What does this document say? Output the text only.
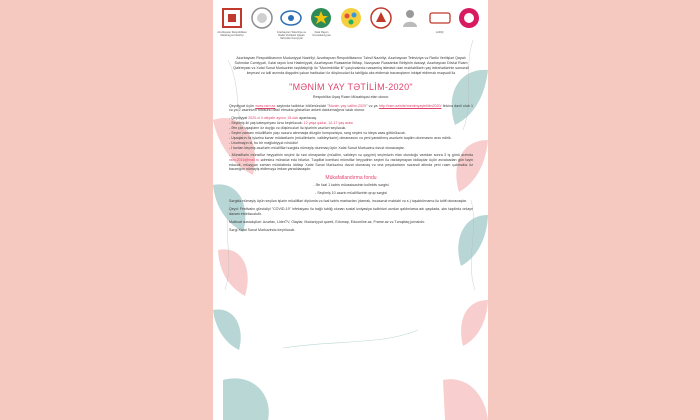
Azərbaycan Respublikası
Mədəniyyət Nazirliyi
Azərbaycan Televiziya və
Radio Verilişləri Qapalı
Səhmdar Cəmiyyəti
Xətai Rayon
İcra Hakimiyyəti
LADIQ

Azərbaycan Respublikasının Mədəniyyət Nazirliyi, Azərbaycan Respublikasının Təhsil Nazirliyi, Azərbaycan Televiziya və Radio Verilişləri Qapalı Səhmdar Cəmiyyəti, Xətai rayon İcra Hakimiyyəti, Azərbaycan Rəssamlar İttifaqı, Nəvqəvan Rəssamlar Birliyinin dəstəyi, Azərbaycan Dövlət Rəsm Qalereyası və Xətai Sənət Mərkəzinin təşkilatçılığı ilə "Mənimbütlər ili" çərçivəsində rəssamlıq istedadı olan məktəblilərin yay istirahətlərinin səmərəli keçməsi və təlil arzında diqqətini çəkən hadisələri öz düşüncələri ilə təbliğdə əks etdirmək bacarıqlarını inkişaf etdirmək məqsədi ilə

"MƏNİM YAY TƏTİLİM-2020"

Respublika Uşaq Rəsm Müsabiqəsi elan olunur.

Qeydiyyat üçün www.xsm.az saytında tədbirlər bölümündəki "Mənim yay tətilim-2020" və ya http://xsm.az/site/menimyaytetilim2020/ linkinə daxil olub 1 və ya 2 əsərinizin fotosunu daxil etməklə göstərilən anketi doldurmağınız tələb olunur.

- Qeydiyyat 2020-ci il oktyabr ayının 15-dək aparılacaq.
- Seçilmiş iki yaş kateqoriyası üzrə keçiriləcək: 12 yaşa qədər, 12-17 yaş arası
- Əm çox uşaqların öz duyğu və düşüncələri ilə işlərinin əsərləri seçiləcək.
- Seçim zamanı müəlliflərin yaşı nəzərə alınmaqla düzgün kompozisiya, rəng seçimi və ideya əsas götürüləcək.
- Uşaqların öz işlərinə kənar müdaxilənin (müəllimlərin, valideynlərin) olmamasını və yeni yaradılmış əsərlərin təqdim olunmasını arzu edirik.
- Unutmayın ki, bu bir mağlubiyyət növüdür!
- İ turdan keçmiş əsərlərin müəllifləri sərgidə nümayiş olunmaq üçün Xətai Sənət Mərkəzinə dəvət olunacaqlar.

- Münsiflərin münsiflər heyyətinin seçimi ilə rəsi olmayanlar (müəllim, valideyn və qəyyim) seçimlərin elan olunduğu vaxtdan sonra 3 iş günü ərzində xsm.2016@mail.ru ədresinə müraciət edə bilərlər. Təqdilat komitəsi münsiflər heyyətinin seçimi ilə razılaşmayan iddiaçılar üçün avvalcadan gün təyin edəcək, müəyyən zaman müddətində iddiaçı Xətai Sənət Mərkəzinə dəvət olunacaq və ona peşəkarların nəzarəti altında yeni rəsm çəkməklə öz bacarığını nümayiş etdirməyə imkan yaradılacaqdır.

Mükafatlandırma fondu

- Ən fəal 1 tədris müəssisəsinin kollektiv sərgisi

- Seçilmiş 10 əsərin müəlliflərinin qrup sərgisi

Sərgidə nümayiş üçün seçilən işlərin müəllifləri diplomla və fəal tədris markazları (darnak, incəsənət məktəbi və s.) təşəkkürnamə ilə təltif olunacaqlar.

Qeyd: Festivalın gündəliyi "COVID-19" infeksiyası ilə bağlı təbliğ olunan sosial izolyasiya tədbirləri ərzdən qaldırılarsa adı qaydada, əks təqdirdə onlayn davam etdiriləcəkdir.

Mətbuat dəstəkçiləri: Azərtac, LiderTV, Olaylar, Mədəniyyət qəzeti, Edumap, Eduonline.az, Frame.az və Tənqidaq jurnalıdır.

Sərgi Xətai Sənət Mərkəzində keçiriləcək.
